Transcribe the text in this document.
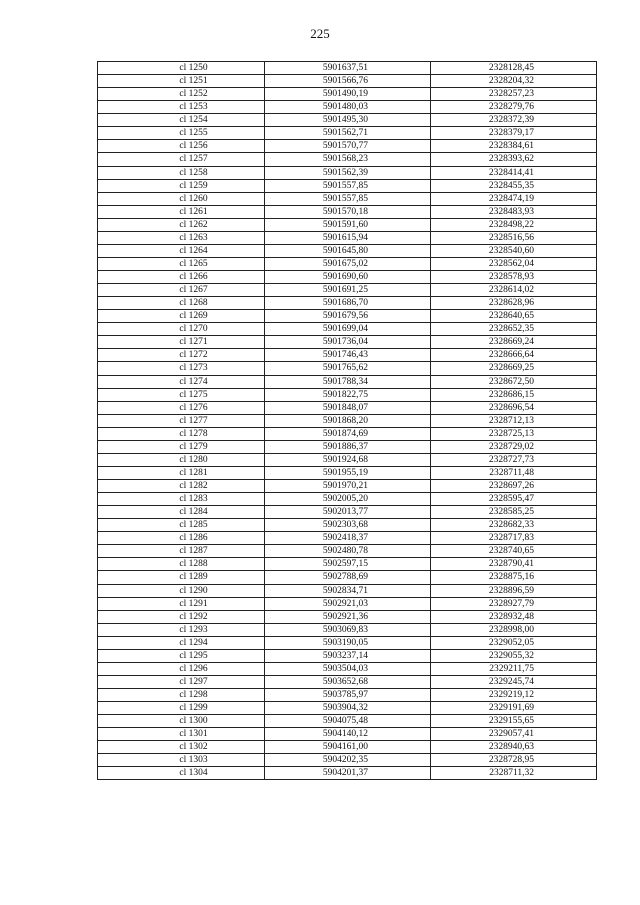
225
cl 1250	5901637,51	2328128,45
cl 1251	5901566,76	2328204,32
cl 1252	5901490,19	2328257,23
cl 1253	5901480,03	2328279,76
cl 1254	5901495,30	2328372,39
cl 1255	5901562,71	2328379,17
cl 1256	5901570,77	2328384,61
cl 1257	5901568,23	2328393,62
cl 1258	5901562,39	2328414,41
cl 1259	5901557,85	2328455,35
cl 1260	5901557,85	2328474,19
cl 1261	5901570,18	2328483,93
cl 1262	5901591,60	2328498,22
cl 1263	5901615,94	2328516,56
cl 1264	5901645,80	2328540,60
cl 1265	5901675,02	2328562,04
cl 1266	5901690,60	2328578,93
cl 1267	5901691,25	2328614,02
cl 1268	5901686,70	2328628,96
cl 1269	5901679,56	2328640,65
cl 1270	5901699,04	2328652,35
cl 1271	5901736,04	2328669,24
cl 1272	5901746,43	2328666,64
cl 1273	5901765,62	2328669,25
cl 1274	5901788,34	2328672,50
cl 1275	5901822,75	2328686,15
cl 1276	5901848,07	2328696,54
cl 1277	5901868,20	2328712,13
cl 1278	5901874,69	2328725,13
cl 1279	5901886,37	2328729,02
cl 1280	5901924,68	2328727,73
cl 1281	5901955,19	2328711,48
cl 1282	5901970,21	2328697,26
cl 1283	5902005,20	2328595,47
cl 1284	5902013,77	2328585,25
cl 1285	5902303,68	2328682,33
cl 1286	5902418,37	2328717,83
cl 1287	5902480,78	2328740,65
cl 1288	5902597,15	2328790,41
cl 1289	5902788,69	2328875,16
cl 1290	5902834,71	2328896,59
cl 1291	5902921,03	2328927,79
cl 1292	5902921,36	2328932,48
cl 1293	5903069,83	2328998,00
cl 1294	5903190,05	2329052,05
cl 1295	5903237,14	2329055,32
cl 1296	5903504,03	2329211,75
cl 1297	5903652,68	2329245,74
cl 1298	5903785,97	2329219,12
cl 1299	5903904,32	2329191,69
cl 1300	5904075,48	2329155,65
cl 1301	5904140,12	2329057,41
cl 1302	5904161,00	2328940,63
cl 1303	5904202,35	2328728,95
cl 1304	5904201,37	2328711,32
